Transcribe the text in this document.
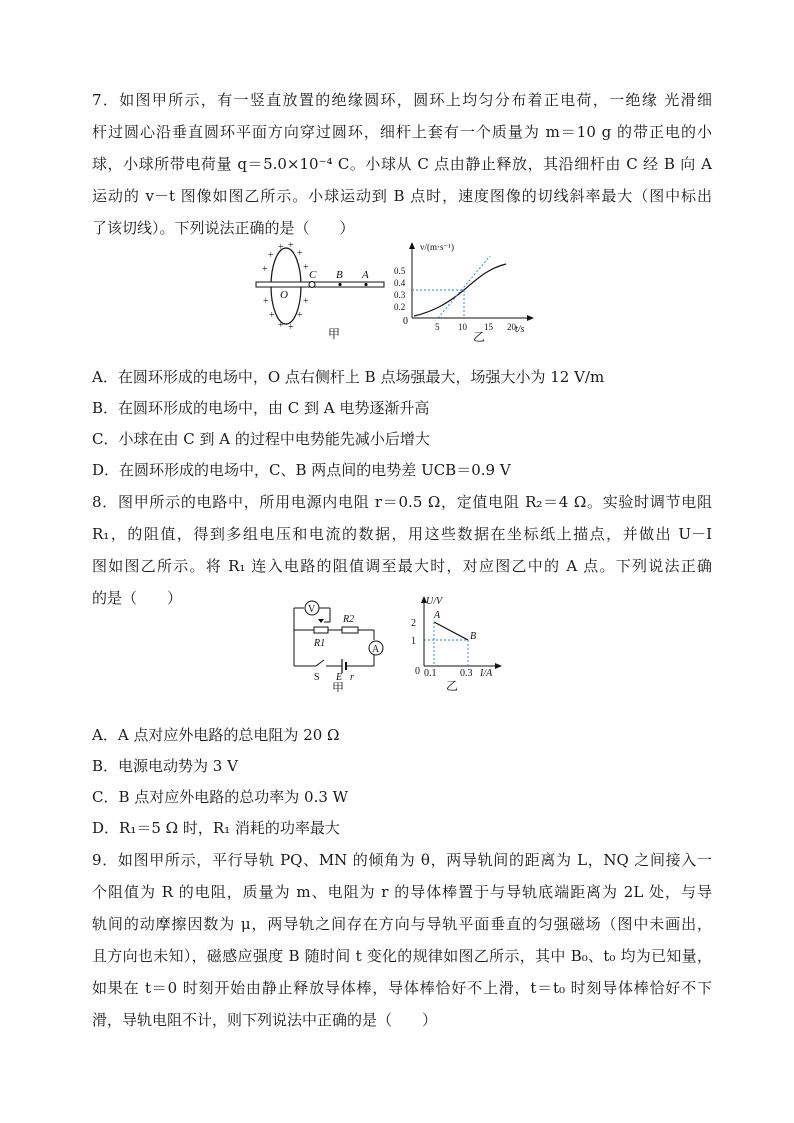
7．如图甲所示，有一竖直放置的绝缘圆环，圆环上均匀分布着正电荷，一绝缘 光滑细
杆过圆心沿垂直圆环平面方向穿过圆环，细杆上套有一个质量为 m＝10 g 的带正电的小
球，小球所带电荷量 q＝5.0×10⁻⁴ C。小球从 C 点由静止释放，其沿细杆由 C 经 B 向 A
运动的 v－t 图像如图乙所示。小球运动到 B 点时，速度图像的切线斜率最大（图中标出
了该切线）。下列说法正确的是（　　）
A．在圆环形成的电场中，O 点右侧杆上 B 点场强最大，场强大小为 12 V/m
B．在圆环形成的电场中，由 C 到 A 电势逐渐升高
C．小球在由 C 到 A 的过程中电势能先减小后增大
D．在圆环形成的电场中，C、B 两点间的电势差 UCB＝0.9 V
8．图甲所示的电路中，所用电源内电阻 r＝0.5 Ω，定值电阻 R₂＝4 Ω。实验时调节电阻
R₁，的阻值，得到多组电压和电流的数据，用这些数据在坐标纸上描点，并做出 U－I
图如图乙所示。将 R₁ 连入电路的阻值调至最大时，对应图乙中的 A 点。下列说法正确
的是（　　）
A．A 点对应外电路的总电阻为 20 Ω
B．电源电动势为 3 V
C．B 点对应外电路的总功率为 0.3 W
D．R₁＝5 Ω 时，R₁ 消耗的功率最大
9．如图甲所示，平行导轨 PQ、MN 的倾角为 θ，两导轨间的距离为 L，NQ 之间接入一
个阻值为 R 的电阻，质量为 m、电阻为 r 的导体棒置于与导轨底端距离为 2L 处，与导
轨间的动摩擦因数为 μ，两导轨之间存在方向与导轨平面垂直的匀强磁场（图中未画出，
且方向也未知），磁感应强度 B 随时间 t 变化的规律如图乙所示，其中 B₀、t₀ 均为已知量，
如果在 t＝0 时刻开始由静止释放导体棒，导体棒恰好不上滑，t＝t₀ 时刻导体棒恰好不下
滑，导轨电阻不计，则下列说法中正确的是（　　）
+ +
+ +
+	+
+	+
+ +
+ +
C B A
O
甲
v/(m·s⁻¹)
t/s
0
0.5
0.4
0.3
0.2
5 10 15 20
乙
A
V
R1
R2
S E r
甲
U/V
I/A
0
2
1
0.1 0.3
A
B
乙
